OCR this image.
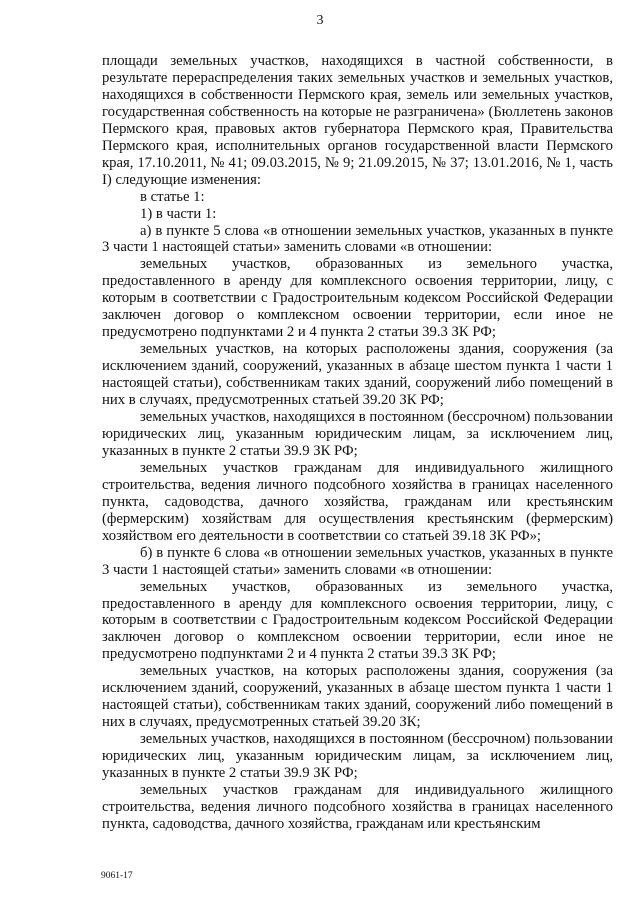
3

площади земельных участков, находящихся в частной собственности, в результате перераспределения таких земельных участков и земельных участков, находящихся в собственности Пермского края, земель или земельных участков, государственная собственность на которые не разграничена» (Бюллетень законов Пермского края, правовых актов губернатора Пермского края, Правительства Пермского края, исполнительных органов государственной власти Пермского края, 17.10.2011, № 41; 09.03.2015, № 9; 21.09.2015, № 37; 13.01.2016, № 1, часть I) следующие изменения:

в статье 1:

1) в части 1:

а) в пункте 5 слова «в отношении земельных участков, указанных в пункте 3 части 1 настоящей статьи» заменить словами «в отношении:

земельных участков, образованных из земельного участка, предоставленного в аренду для комплексного освоения территории, лицу, с которым в соответствии с Градостроительным кодексом Российской Федерации заключен договор о комплексном освоении территории, если иное не предусмотрено подпунктами 2 и 4 пункта 2 статьи 39.3 ЗК РФ;

земельных участков, на которых расположены здания, сооружения (за исключением зданий, сооружений, указанных в абзаце шестом пункта 1 части 1 настоящей статьи), собственникам таких зданий, сооружений либо помещений в них в случаях, предусмотренных статьей 39.20 ЗК РФ;

земельных участков, находящихся в постоянном (бессрочном) пользовании юридических лиц, указанным юридическим лицам, за исключением лиц, указанных в пункте 2 статьи 39.9 ЗК РФ;

земельных участков гражданам для индивидуального жилищного строительства, ведения личного подсобного хозяйства в границах населенного пункта, садоводства, дачного хозяйства, гражданам или крестьянским (фермерским) хозяйствам для осуществления крестьянским (фермерским) хозяйством его деятельности в соответствии со статьей 39.18 ЗК РФ»;

б) в пункте 6 слова «в отношении земельных участков, указанных в пункте 3 части 1 настоящей статьи» заменить словами «в отношении:

земельных участков, образованных из земельного участка, предоставленного в аренду для комплексного освоения территории, лицу, с которым в соответствии с Градостроительным кодексом Российской Федерации заключен договор о комплексном освоении территории, если иное не предусмотрено подпунктами 2 и 4 пункта 2 статьи 39.3 ЗК РФ;

земельных участков, на которых расположены здания, сооружения (за исключением зданий, сооружений, указанных в абзаце шестом пункта 1 части 1 настоящей статьи), собственникам таких зданий, сооружений либо помещений в них в случаях, предусмотренных статьей 39.20 ЗК;

земельных участков, находящихся в постоянном (бессрочном) пользовании юридических лиц, указанным юридическим лицам, за исключением лиц, указанных в пункте 2 статьи 39.9 ЗК РФ;

земельных участков гражданам для индивидуального жилищного строительства, ведения личного подсобного хозяйства в границах населенного пункта, садоводства, дачного хозяйства, гражданам или крестьянским

9061-17
